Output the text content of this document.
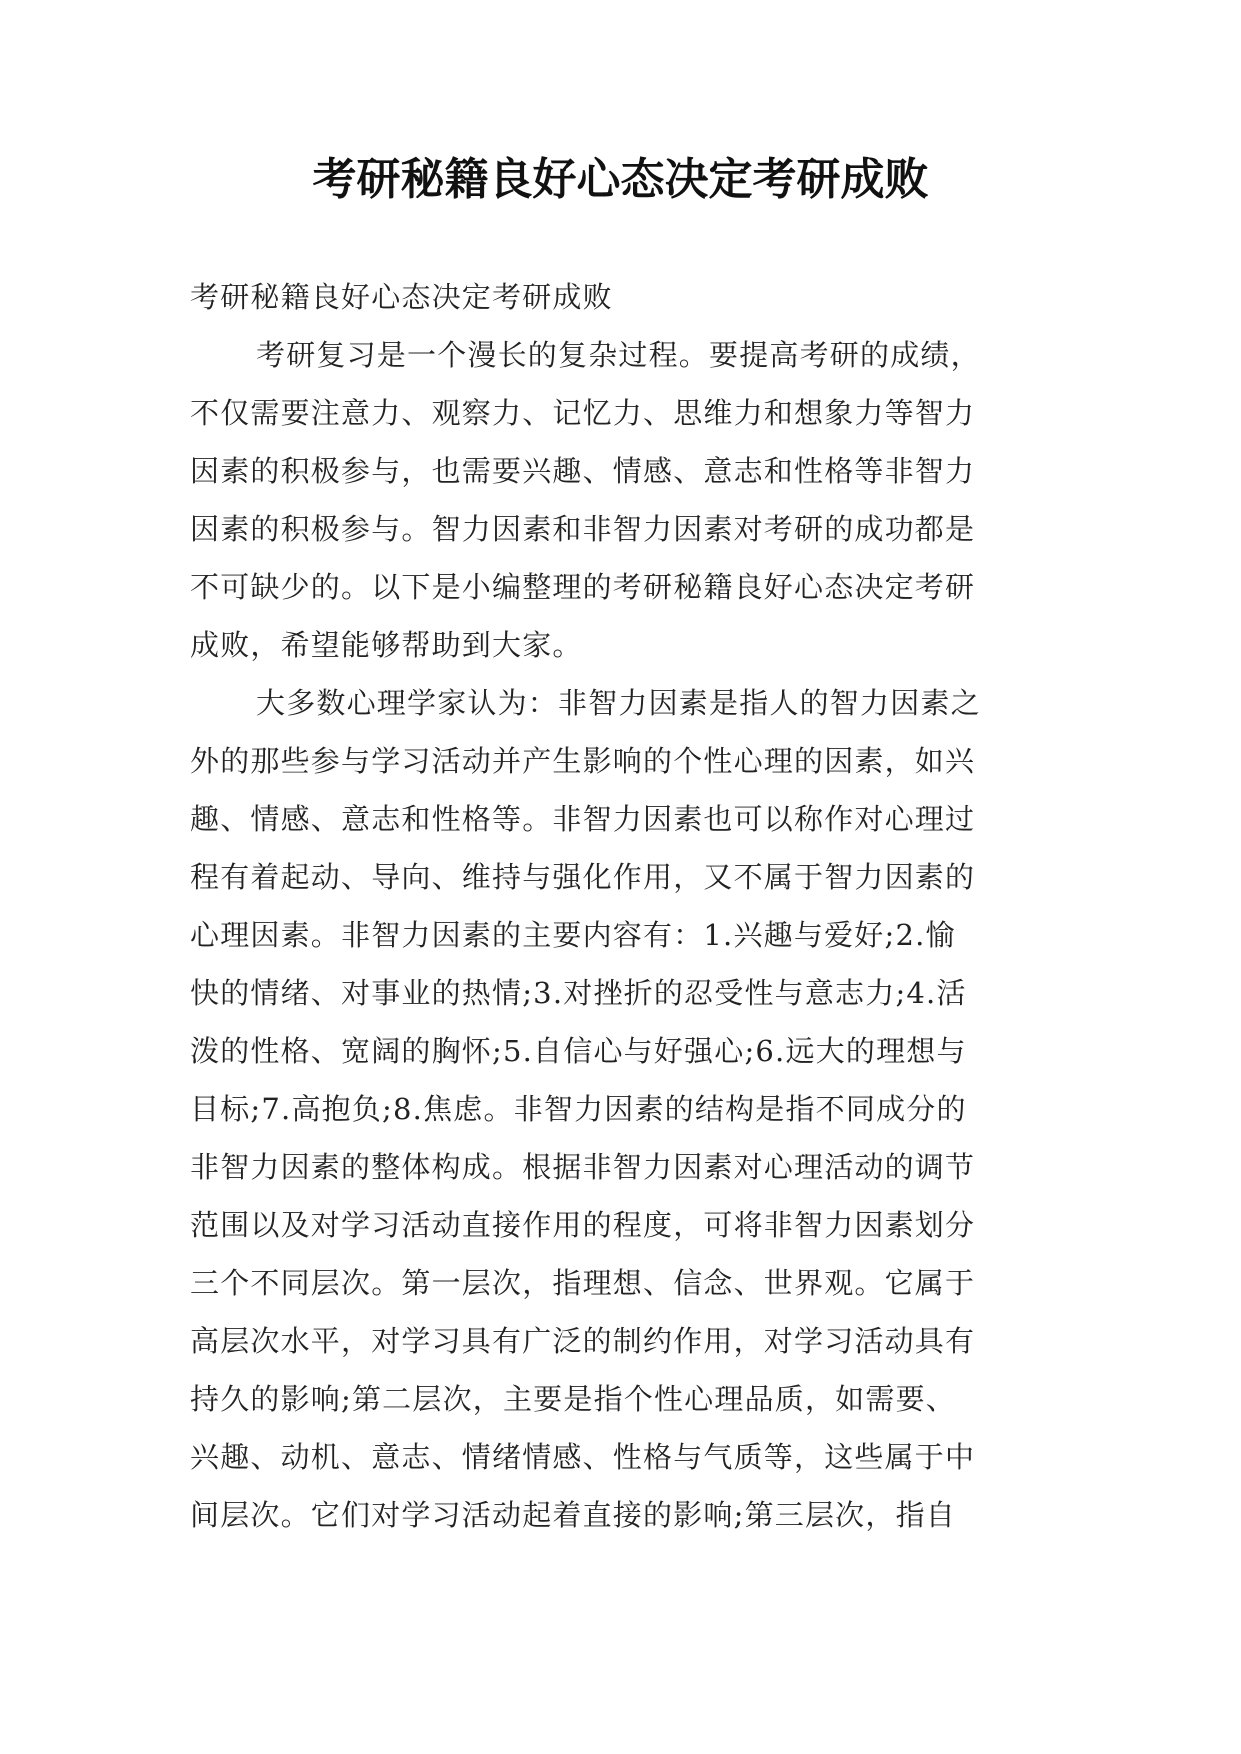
考研秘籍良好心态决定考研成败
考研秘籍良好心态决定考研成败
考研复习是一个漫长的复杂过程。要提高考研的成绩，
不仅需要注意力、观察力、记忆力、思维力和想象力等智力
因素的积极参与，也需要兴趣、情感、意志和性格等非智力
因素的积极参与。智力因素和非智力因素对考研的成功都是
不可缺少的。以下是小编整理的考研秘籍良好心态决定考研
成败，希望能够帮助到大家。
大多数心理学家认为：非智力因素是指人的智力因素之
外的那些参与学习活动并产生影响的个性心理的因素，如兴
趣、情感、意志和性格等。非智力因素也可以称作对心理过
程有着起动、导向、维持与强化作用，又不属于智力因素的
心理因素。非智力因素的主要内容有：1.兴趣与爱好;2.愉
快的情绪、对事业的热情;3.对挫折的忍受性与意志力;4.活
泼的性格、宽阔的胸怀;5.自信心与好强心;6.远大的理想与
目标;7.高抱负;8.焦虑。非智力因素的结构是指不同成分的
非智力因素的整体构成。根据非智力因素对心理活动的调节
范围以及对学习活动直接作用的程度，可将非智力因素划分
三个不同层次。第一层次，指理想、信念、世界观。它属于
高层次水平，对学习具有广泛的制约作用，对学习活动具有
持久的影响;第二层次，主要是指个性心理品质，如需要、
兴趣、动机、意志、情绪情感、性格与气质等，这些属于中
间层次。它们对学习活动起着直接的影响;第三层次，指自
